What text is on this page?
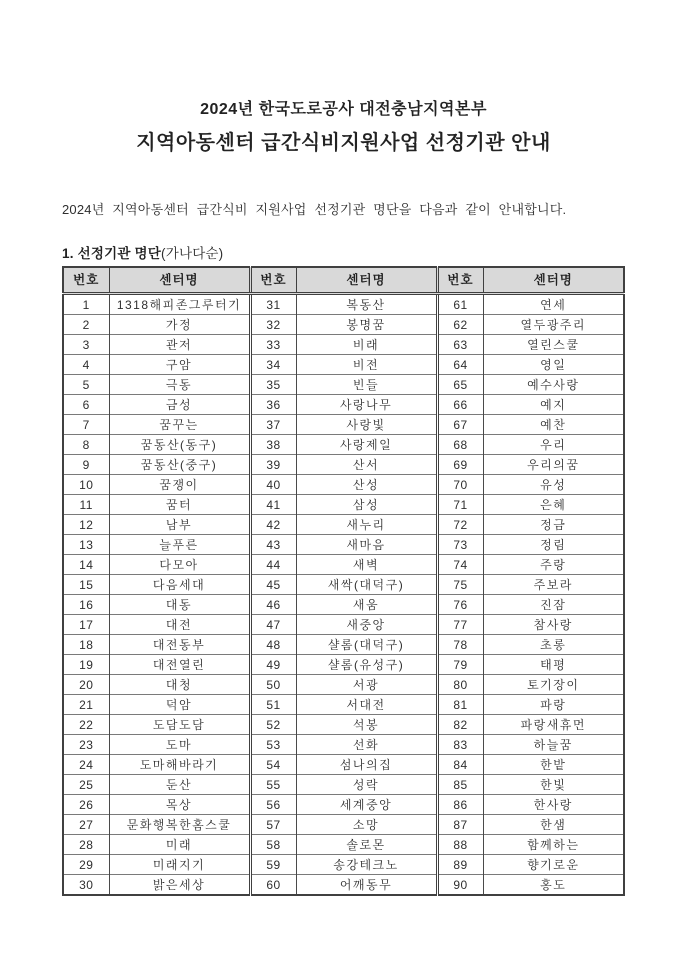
2024년 한국도로공사 대전충남지역본부
지역아동센터 급간식비지원사업 선정기관 안내

2024년 지역아동센터 급간식비 지원사업 선정기관 명단을 다음과 같이 안내합니다.

1. 선정기관 명단(가나다순)

번호	센터명	번호	센터명	번호	센터명
1	1318해피존그루터기	31	복동산	61	연세
2	가정	32	봉명꿈	62	열두광주리
3	관저	33	비래	63	열린스쿨
4	구암	34	비전	64	영일
5	극동	35	빈들	65	예수사랑
6	금성	36	사랑나무	66	예지
7	꿈꾸는	37	사랑빛	67	예찬
8	꿈동산(동구)	38	사랑제일	68	우리
9	꿈동산(중구)	39	산서	69	우리의꿈
10	꿈쟁이	40	산성	70	유성
11	꿈터	41	삼성	71	은혜
12	남부	42	새누리	72	정금
13	늘푸른	43	새마음	73	정림
14	다모아	44	새벽	74	주랑
15	다음세대	45	새싹(대덕구)	75	주보라
16	대동	46	새움	76	진잠
17	대전	47	새중앙	77	참사랑
18	대전동부	48	샬롬(대덕구)	78	초롱
19	대전열린	49	샬롬(유성구)	79	태평
20	대청	50	서광	80	토기장이
21	덕암	51	서대전	81	파랑
22	도담도담	52	석봉	82	파랑새휴먼
23	도마	53	선화	83	하늘꿈
24	도마해바라기	54	섬나의집	84	한밭
25	둔산	55	성락	85	한빛
26	목상	56	세계중앙	86	한사랑
27	문화행복한홈스쿨	57	소망	87	한샘
28	미래	58	솔로몬	88	함께하는
29	미래지기	59	송강테크노	89	향기로운
30	밝은세상	60	어깨동무	90	홍도
